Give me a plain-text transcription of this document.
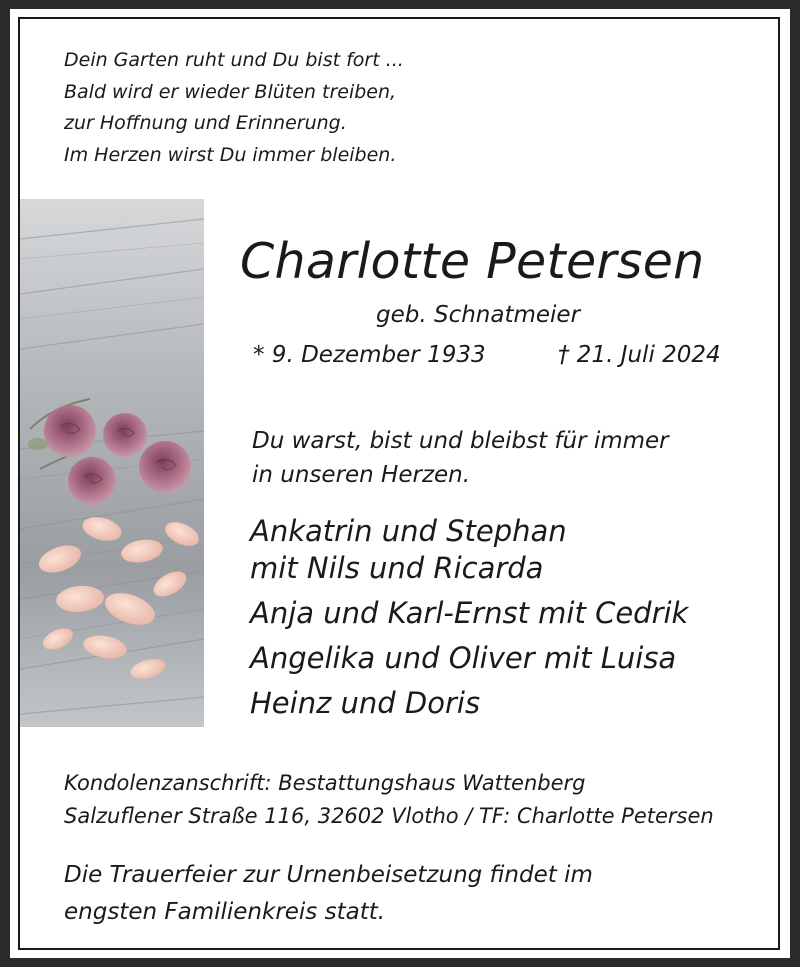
Dein Garten ruht und Du bist fort ...
Bald wird er wieder Blüten treiben,
zur Hoffnung und Erinnerung.
Im Herzen wirst Du immer bleiben.
Charlotte Petersen
geb. Schnatmeier
* 9. Dezember 1933	† 21. Juli 2024
Du warst, bist und bleibst für immer
in unseren Herzen.
Ankatrin und Stephan
mit Nils und Ricarda
Anja und Karl-Ernst mit Cedrik
Angelika und Oliver mit Luisa
Heinz und Doris
Kondolenzanschrift: Bestattungshaus Wattenberg
Salzuflener Straße 116, 32602 Vlotho / TF: Charlotte Petersen
Die Trauerfeier zur Urnenbeisetzung findet im
engsten Familienkreis statt.
